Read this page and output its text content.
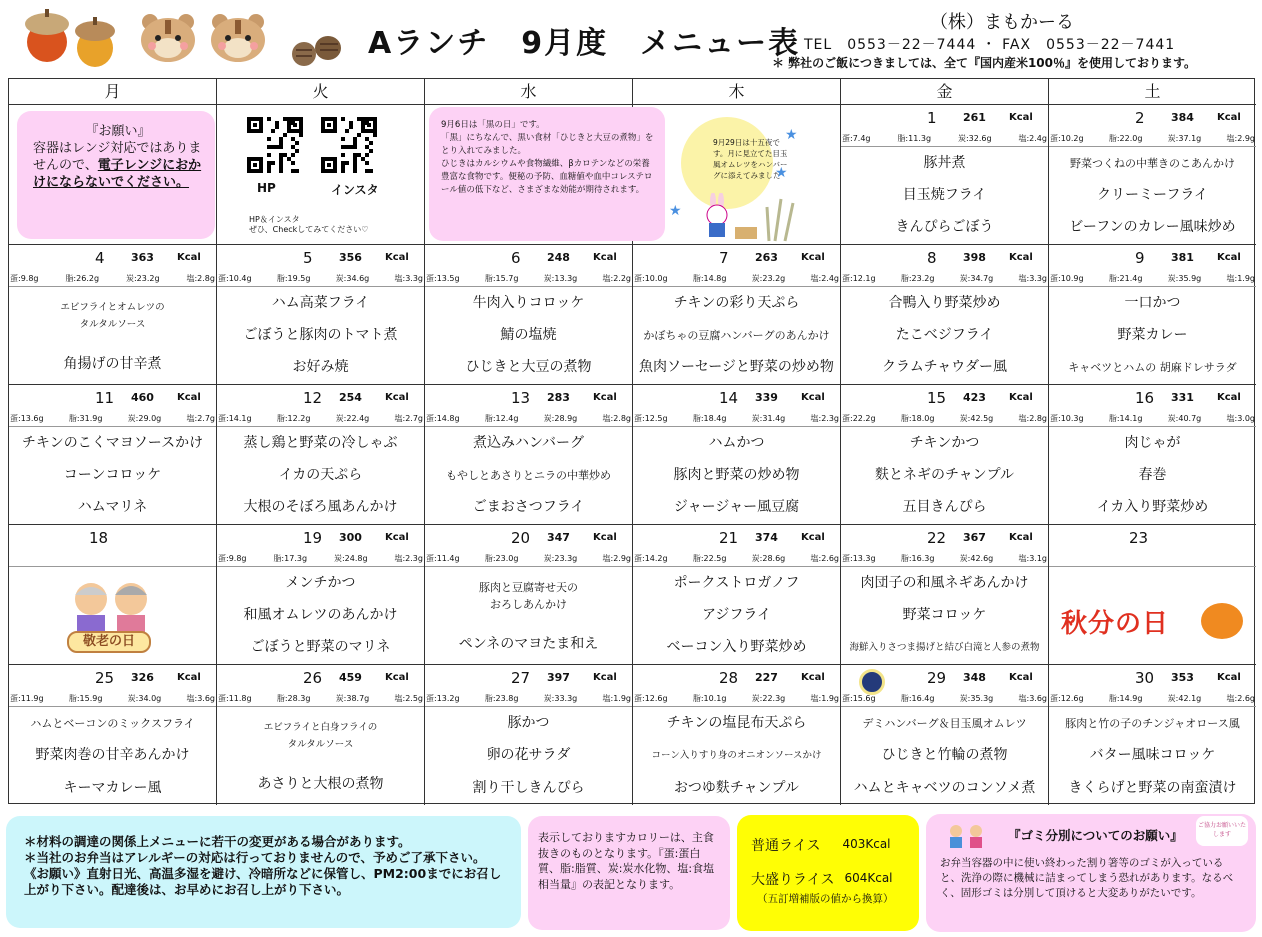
Aランチ　9月度　メニュー表
（株）まもかーる
TEL　0553－22－7444 ・ FAX　0553－22－7441
＊ 弊社のご飯につきましては、全て『国内産米100％』を使用しております。
月	火	水	木	金	土
『お願い』
容器はレンジ対応ではありませんので、電子レンジにおかけにならないでください。	HP	インスタ
HP＆インスタ
ぜひ、Checkしてみてください♡
9月6日は「黒の日」です。
「黒」にちなんで、黒い食材「ひじきと大豆の煮物」をとり入れてみました。
ひじきはカルシウムや食物繊維、βカロテンなどの栄養豊富な食物です。便秘の予防、血糖値や血中コレステロール値の低下など、さまざまな効能が期待されます。
9月29日は十五夜です。月に見立てた目玉風オムレツをハンバーグに添えてみました
★
★
★
1 261 Kcal
蛋:7.4g	脂:11.3g	炭:32.6g	塩:2.4g
豚丼煮
目玉焼フライ
きんぴらごぼう
2 384 Kcal
蛋:10.2g	脂:22.0g	炭:37.1g	塩:2.9g
野菜つくねの中華きのこあんかけ
クリーミーフライ
ビーフンのカレー風味炒め
4 363 Kcal
蛋:9.8g	脂:26.2g	炭:23.2g	塩:2.8g
エビフライとオムレツの
タルタルソース
角揚げの甘辛煮
5 356 Kcal
蛋:10.4g	脂:19.5g	炭:34.6g	塩:3.3g
ハム高菜フライ
ごぼうと豚肉のトマト煮
お好み焼
6 248 Kcal
蛋:13.5g	脂:15.7g	炭:13.3g	塩:2.2g
牛肉入りコロッケ
鯖の塩焼
ひじきと大豆の煮物
7 263 Kcal
蛋:10.0g	脂:14.8g	炭:23.2g	塩:2.4g
チキンの彩り天ぷら
かぼちゃの豆腐ハンバーグのあんかけ
魚肉ソーセージと野菜の炒め物
8 398 Kcal
蛋:12.1g	脂:23.2g	炭:34.7g	塩:3.3g
合鴨入り野菜炒め
たこベジフライ
クラムチャウダー風
9 381 Kcal
蛋:10.9g	脂:21.4g	炭:35.9g	塩:1.9g
一口かつ
野菜カレー
キャベツとハムの 胡麻ドレサラダ
11 460 Kcal
蛋:13.6g	脂:31.9g	炭:29.0g	塩:2.7g
チキンのこくマヨソースかけ
コーンコロッケ
ハムマリネ
12 254 Kcal
蛋:14.1g	脂:12.2g	炭:22.4g	塩:2.7g
蒸し鶏と野菜の冷しゃぶ
イカの天ぷら
大根のそぼろ風あんかけ
13 283 Kcal
蛋:14.8g	脂:12.4g	炭:28.9g	塩:2.8g
煮込みハンバーグ
もやしとあさりとニラの中華炒め
ごまおさつフライ
14 339 Kcal
蛋:12.5g	脂:18.4g	炭:31.4g	塩:2.3g
ハムかつ
豚肉と野菜の炒め物
ジャージャー風豆腐
15 423 Kcal
蛋:22.2g	脂:18.0g	炭:42.5g	塩:2.8g
チキンかつ
麩とネギのチャンプル
五目きんぴら
16 331 Kcal
蛋:10.3g	脂:14.1g	炭:40.7g	塩:3.0g
肉じゃが
春巻
イカ入り野菜炒め
18
敬老の日
19 300 Kcal
蛋:9.8g	脂:17.3g	炭:24.8g	塩:2.3g
メンチかつ
和風オムレツのあんかけ
ごぼうと野菜のマリネ
20 347 Kcal
蛋:11.4g	脂:23.0g	炭:23.3g	塩:2.9g
豚肉と豆腐寄せ天の
おろしあんかけ
ペンネのマヨたま和え
21 374 Kcal
蛋:14.2g	脂:22.5g	炭:28.6g	塩:2.6g
ポークストロガノフ
アジフライ
ベーコン入り野菜炒め
22 367 Kcal
蛋:13.3g	脂:16.3g	炭:42.6g	塩:3.1g
肉団子の和風ネギあんかけ
野菜コロッケ
海鮮入りさつま揚げと結び白滝と人参の煮物
23
秋分の日
25 326 Kcal
蛋:11.9g	脂:15.9g	炭:34.0g	塩:3.6g
ハムとベーコンのミックスフライ
野菜肉巻の甘辛あんかけ
キーマカレー風
26 459 Kcal
蛋:11.8g	脂:28.3g	炭:38.7g	塩:2.5g
エビフライと白身フライの
タルタルソース
あさりと大根の煮物
27 397 Kcal
蛋:13.2g	脂:23.8g	炭:33.3g	塩:1.9g
豚かつ
卵の花サラダ
割り干しきんぴら
28 227 Kcal
蛋:12.6g	脂:10.1g	炭:22.3g	塩:1.9g
チキンの塩昆布天ぷら
コーン入りすり身のオニオンソースかけ
おつゆ麩チャンプル
29 348 Kcal
蛋:15.6g	脂:16.4g	炭:35.3g	塩:3.6g
デミハンバーグ＆目玉風オムレツ
ひじきと竹輪の煮物
ハムとキャベツのコンソメ煮
30 353 Kcal
蛋:12.6g	脂:14.9g	炭:42.1g	塩:2.6g
豚肉と竹の子のチンジャオロース風
バター風味コロッケ
きくらげと野菜の南蛮漬け
＊材料の調達の関係上メニューに若干の変更がある場合があります。
＊当社のお弁当はアレルギーの対応は行っておりませんので、予めご了承下さい。
《お願い》直射日光、高温多湿を避け、冷暗所などに保管し、PM2:00までにお召し上がり下さい。配達後は、お早めにお召し上がり下さい。
表示しておりますカロリーは、主食抜きのものとなります。『蛋:蛋白質、脂:脂質、炭:炭水化物、塩:食塩相当量』の表記となります。
普通ライス 403Kcal
大盛りライス 604Kcal
（五訂増補版の値から換算）
『ゴミ分別についてのお願い』
ご協力お願いいたします
お弁当容器の中に使い終わった割り箸等のゴミが入っていると、洗浄の際に機械に詰まってしまう恐れがあります。なるべく、固形ゴミは分別して頂けると大変ありがたいです。
